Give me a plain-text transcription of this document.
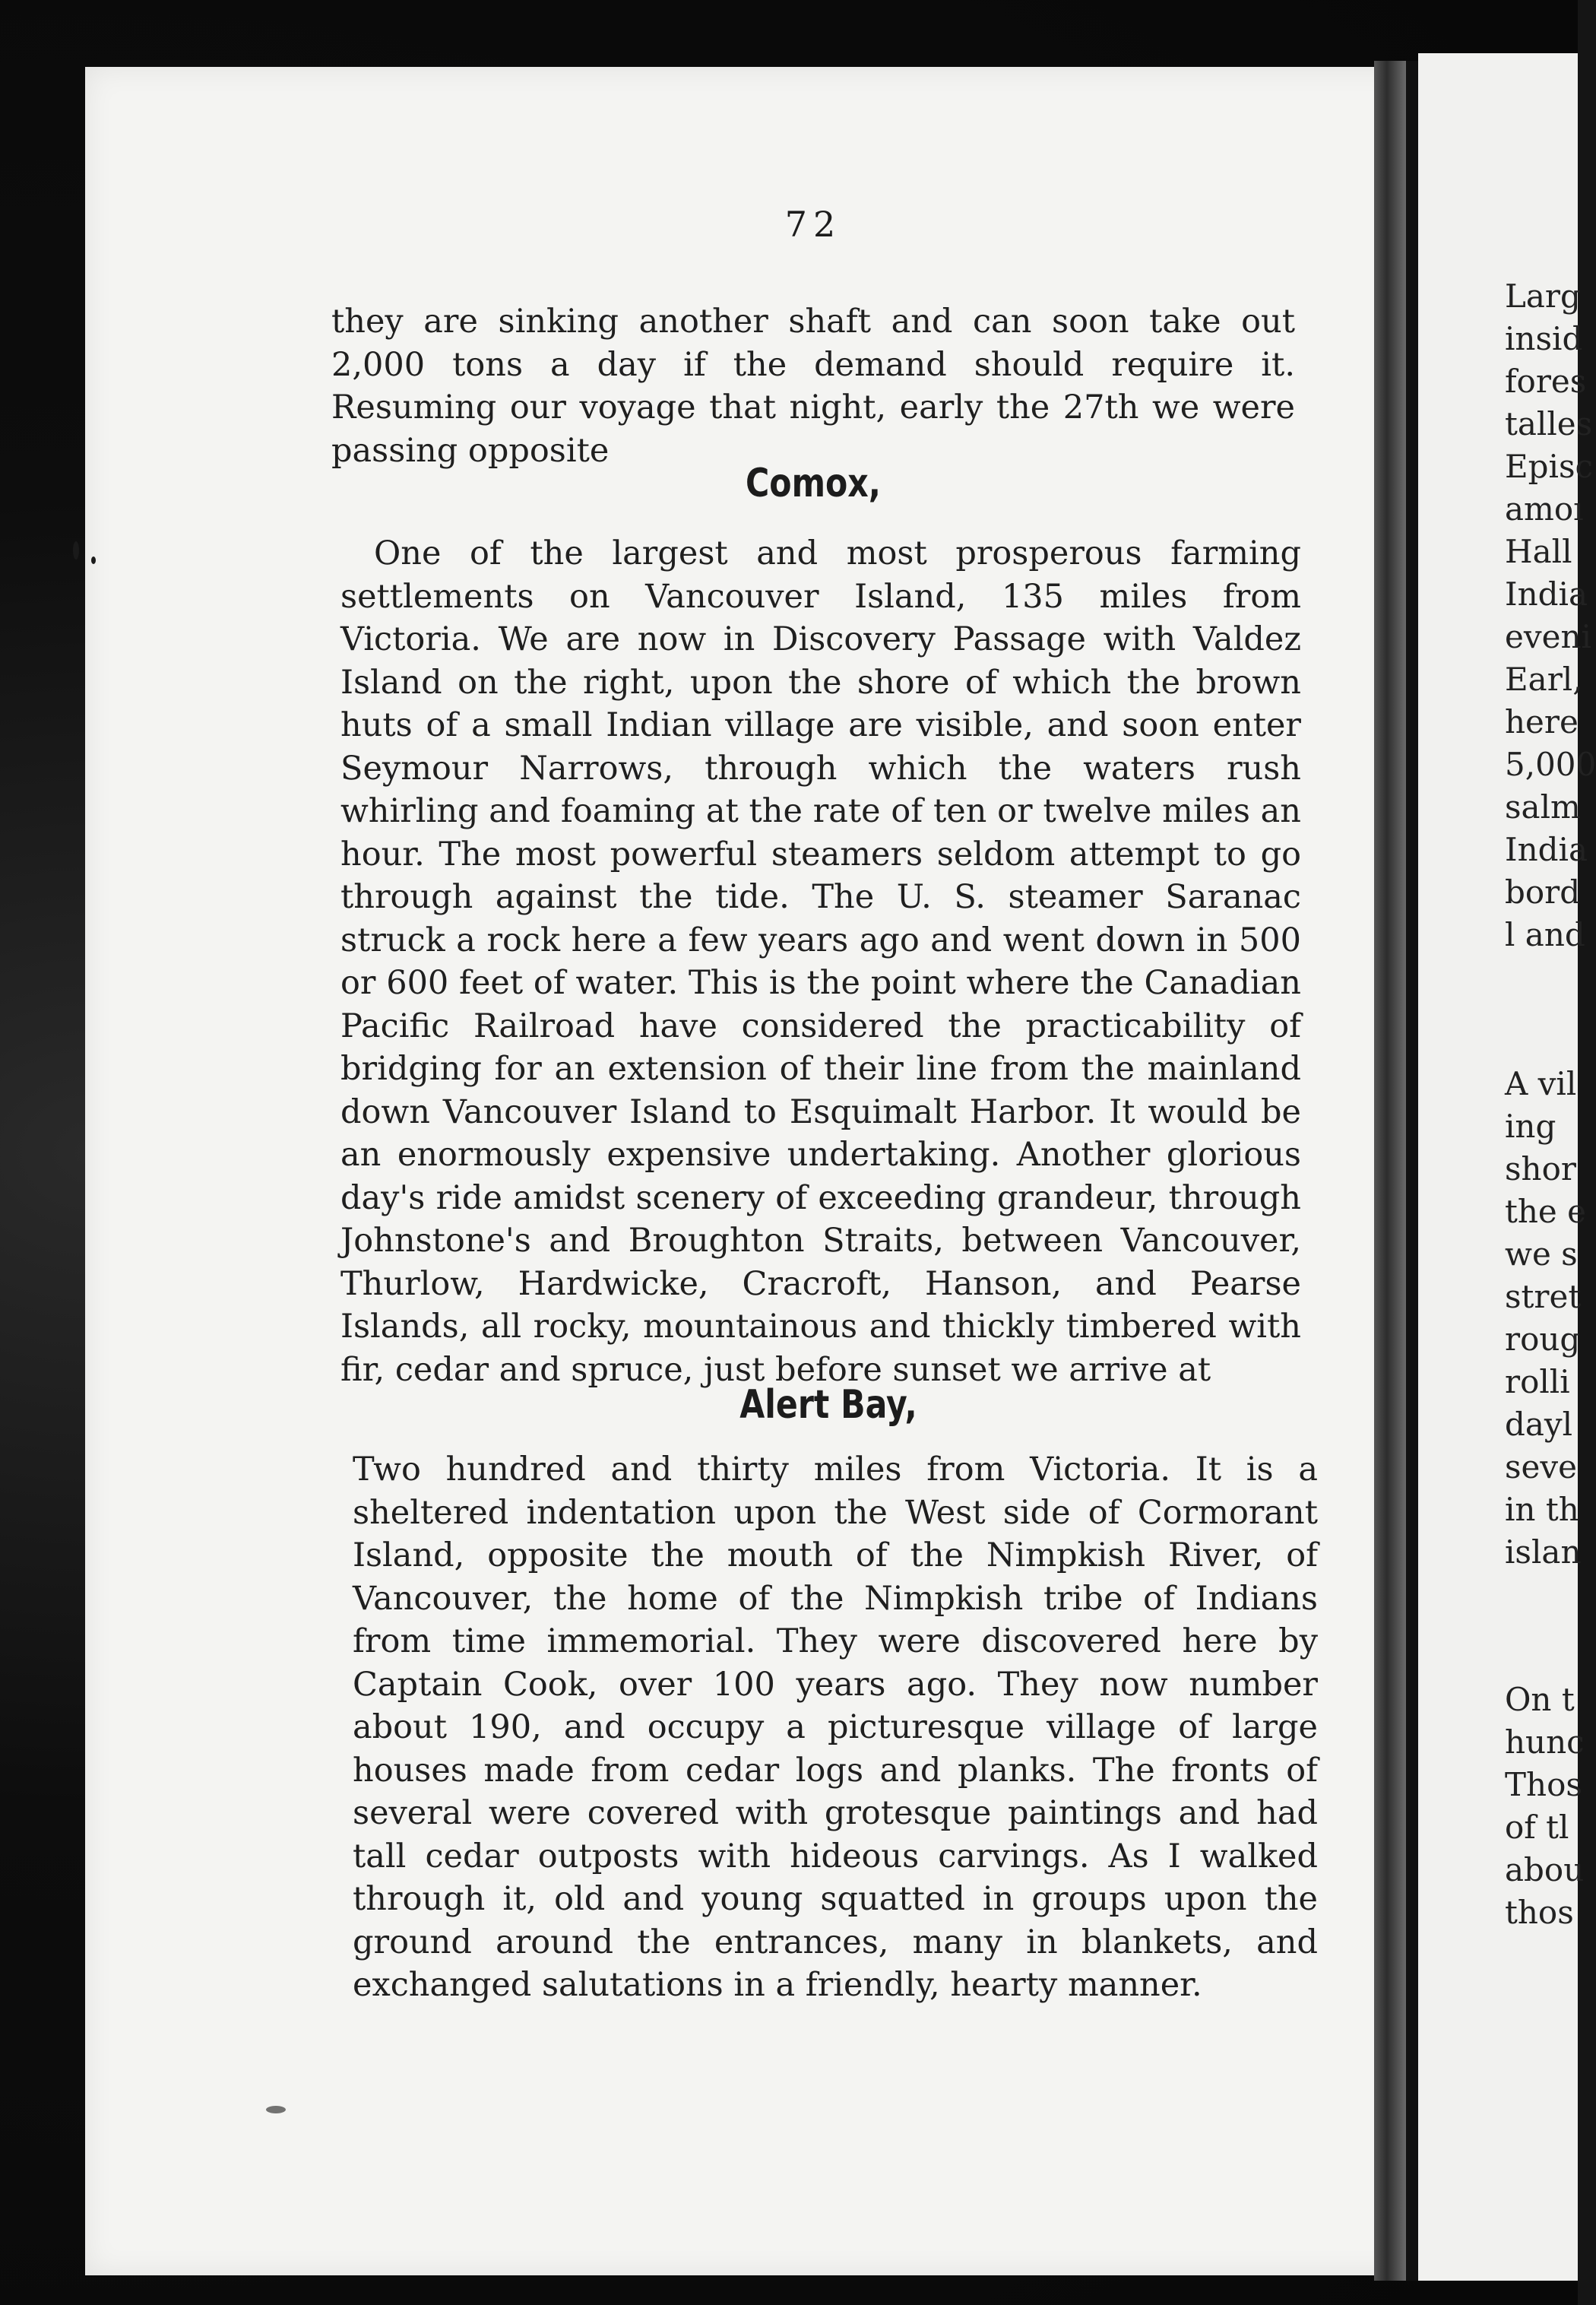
72

they are sinking another shaft and can soon take out 2,000 tons a day if the demand should require it. Resuming our voyage that night, early the 27th we were passing opposite

Comox,

One of the largest and most prosperous farming settlements on Vancouver Island, 135 miles from Victoria. We are now in Discovery Passage with Valdez Island on the right, upon the shore of which the brown huts of a small Indian village are visible, and soon enter Seymour Narrows, through which the waters rush whirling and foaming at the rate of ten or twelve miles an hour. The most powerful steamers seldom attempt to go through against the tide. The U. S. steamer Saranac struck a rock here a few years ago and went down in 500 or 600 feet of water. This is the point where the Canadian Pacific Railroad have considered the practicability of bridging for an extension of their line from the mainland down Vancouver Island to Esquimalt Harbor. It would be an enormously expensive undertaking. Another glorious day's ride amidst scenery of exceeding grandeur, through Johnstone's and Broughton Straits, between Vancouver, Thurlow, Hardwicke, Cracroft, Hanson, and Pearse Islands, all rocky, mountainous and thickly timbered with fir, cedar and spruce, just before sunset we arrive at

Alert Bay,

Two hundred and thirty miles from Victoria. It is a sheltered indentation upon the West side of Cormorant Island, opposite the mouth of the Nimpkish River, of Vancouver, the home of the Nimpkish tribe of Indians from time immemorial. They were discovered here by Captain Cook, over 100 years ago. They now number about 190, and occupy a picturesque village of large houses made from cedar logs and planks. The fronts of several were covered with grotesque paintings and had tall cedar outposts with hideous carvings. As I walked through it, old and young squatted in groups upon the ground around the entrances, many in blankets, and exchanged salutations in a friendly, hearty manner.

Larg

insid

fores

talles

Episc

amoı

Hall

India

eveni

Earl,

here

5,000

salm

India

bord

l and

A vil

ing

shor

the e

we s

stret

roug

rolli

dayl

seve

in th

islan

On t

hunc

Thos

of tl

abou

thos
